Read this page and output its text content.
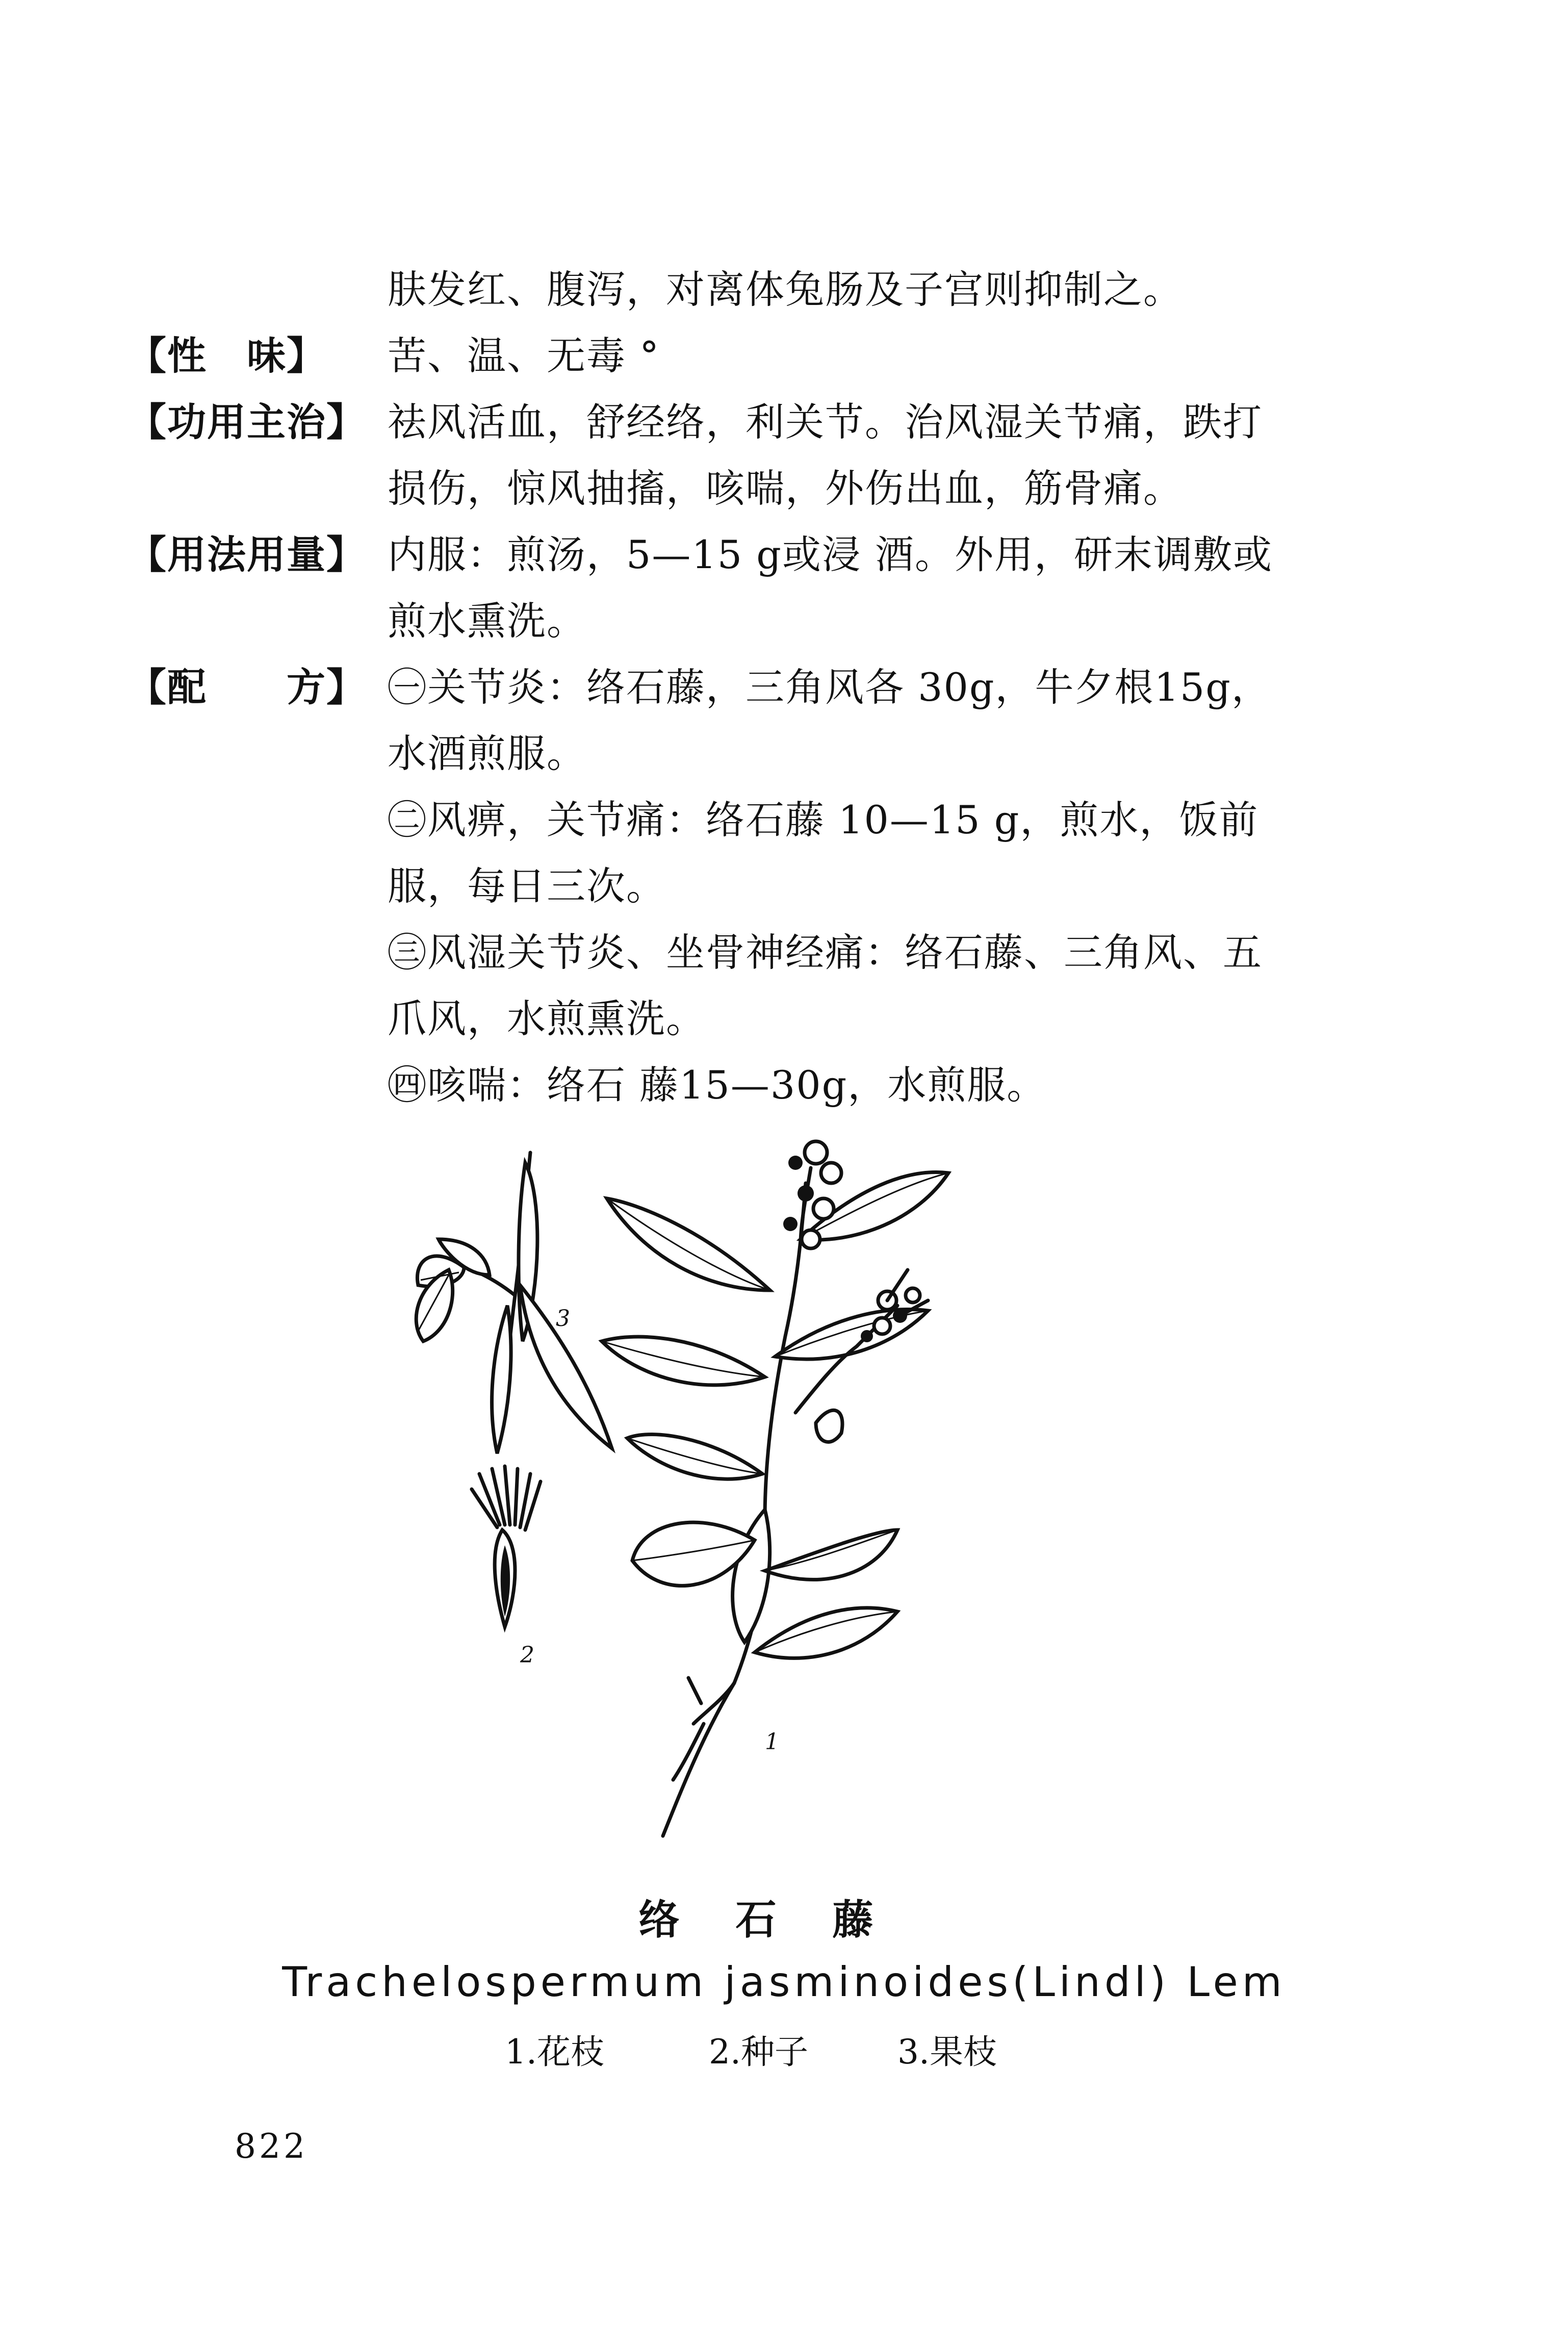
肤发红、腹泻，对离体兔肠及子宫则抑制之。
【性　味】 苦、温、无毒 °
【功用主治】 祛风活血，舒经络，利关节。治风湿关节痛，跌打
损伤，惊风抽搐，咳喘，外伤出血，筋骨痛。
【用法用量】 内服：煎汤，5—15 g或浸 酒。外用，研末调敷或
煎水熏洗。
【配　　方】 ㊀关节炎：络石藤，三角风各 30g，牛夕根15g，
水酒煎服。
㊁风痹，关节痛：络石藤 10—15 g，煎水，饭前
服，每日三次。
㊂风湿关节炎、坐骨神经痛：络石藤、三角风、五
爪风，水煎熏洗。
㊃咳喘：络石 藤15—30g，水煎服。
3
2
1
络石藤
Trachelospermum jasminoides(Lindl) Lem
1.花枝	2.种子	3.果枝
822
